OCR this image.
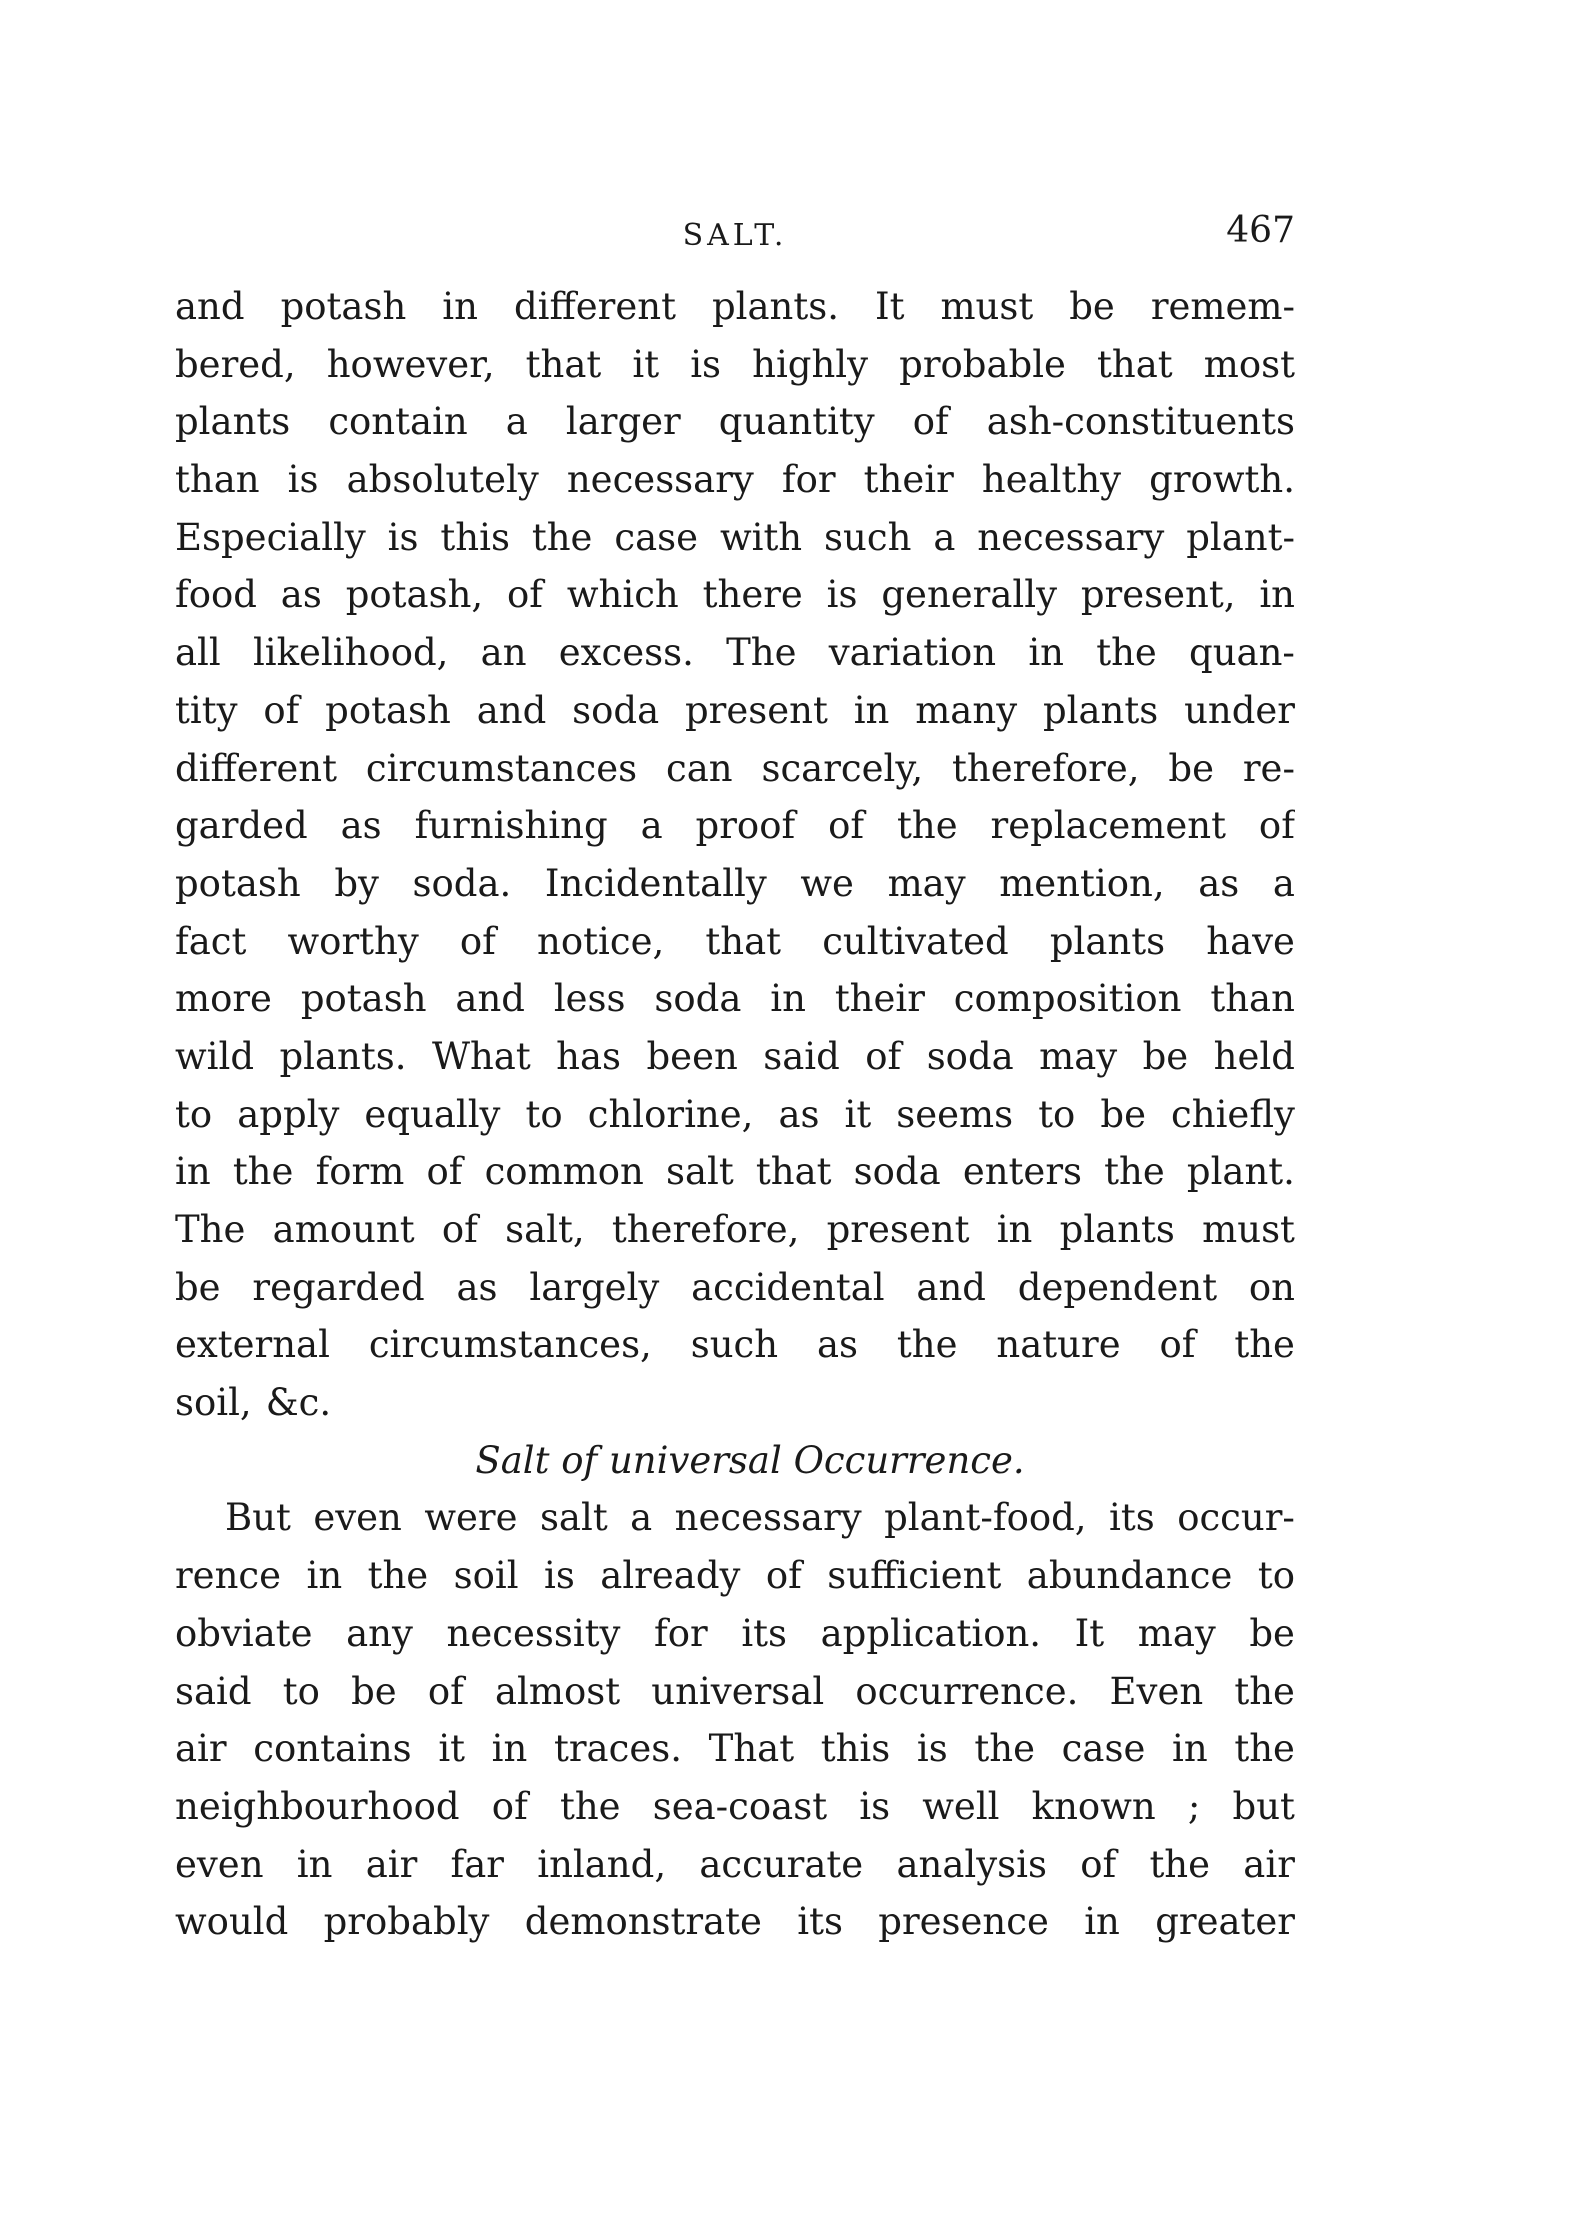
SALT.	467
and potash in different plants. It must be remem-
bered, however, that it is highly probable that most
plants contain a larger quantity of ash-constituents
than is absolutely necessary for their healthy growth.
Especially is this the case with such a necessary plant-
food as potash, of which there is generally present, in
all likelihood, an excess. The variation in the quan-
tity of potash and soda present in many plants under
different circumstances can scarcely, therefore, be re-
garded as furnishing a proof of the replacement of
potash by soda. Incidentally we may mention, as a
fact worthy of notice, that cultivated plants have
more potash and less soda in their composition than
wild plants. What has been said of soda may be held
to apply equally to chlorine, as it seems to be chiefly
in the form of common salt that soda enters the plant.
The amount of salt, therefore, present in plants must
be regarded as largely accidental and dependent on
external circumstances, such as the nature of the
soil, &c.
Salt of universal Occurrence.
But even were salt a necessary plant-food, its occur-
rence in the soil is already of sufficient abundance to
obviate any necessity for its application. It may be
said to be of almost universal occurrence. Even the
air contains it in traces. That this is the case in the
neighbourhood of the sea-coast is well known ; but
even in air far inland, accurate analysis of the air
would probably demonstrate its presence in greater
